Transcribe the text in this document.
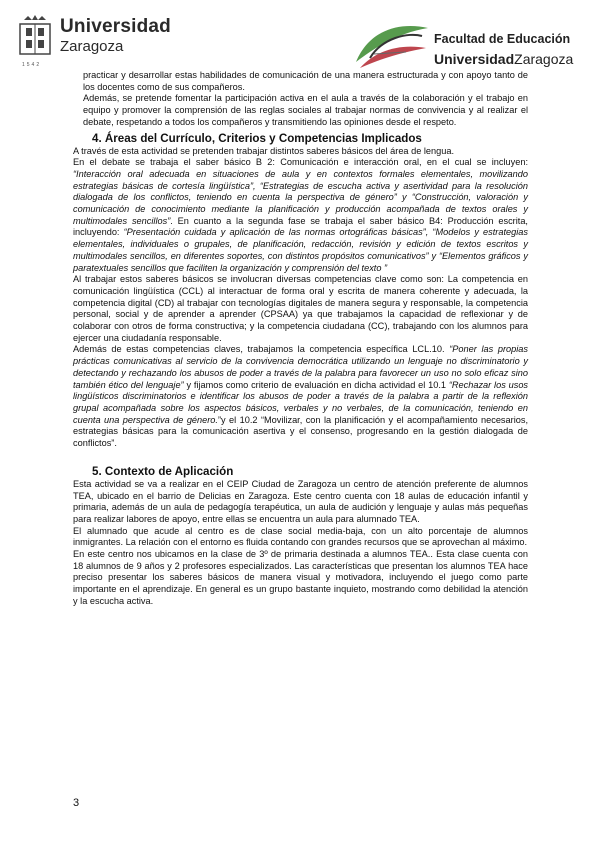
1542
Universidad
Zaragoza	Facultad de Educación
UniversidadZaragoza

practicar y desarrollar estas habilidades de comunicación de una manera estructurada y con apoyo tanto de los docentes como de sus compañeros.

Además, se pretende fomentar la participación activa en el aula a través de la colaboración y el trabajo en equipo y promover la comprensión de las reglas sociales al trabajar normas de convivencia y al realizar el debate, respetando a todos los compañeros y transmitiendo las opiniones desde el respeto.

4. Áreas del Currículo, Criterios y Competencias Implicados

A través de esta actividad se pretenden trabajar distintos saberes básicos del área de lengua.

En el debate se trabaja el saber básico B 2: Comunicación e interacción oral, en el cual se incluyen: “Interacción oral adecuada en situaciones de aula y en contextos formales elementales, movilizando estrategias básicas de cortesía lingüística”, “Estrategias de escucha activa y asertividad para la resolución dialogada de los conflictos, teniendo en cuenta la perspectiva de género” y “Construcción, valoración y comunicación de conocimiento mediante la planificación y producción acompañada de textos orales y multimodales sencillos”. En cuanto a la segunda fase se trabaja el saber básico B4: Producción escrita, incluyendo: “Presentación cuidada y aplicación de las normas ortográficas básicas”, “Modelos y estrategias elementales, individuales o grupales, de planificación, redacción, revisión y edición de textos escritos y multimodales sencillos, en diferentes soportes, con distintos propósitos comunicativos” y “Elementos gráficos y paratextuales sencillos que faciliten la organización y comprensión del texto ”

Al trabajar estos saberes básicos se involucran diversas competencias clave como son: La competencia en comunicación lingüística (CCL) al interactuar de forma oral y escrita de manera coherente y adecuada, la competencia digital (CD) al trabajar con tecnologías digitales de manera segura y responsable, la competencia personal, social y de aprender a aprender (CPSAA) ya que trabajamos la capacidad de reflexionar y de colaborar con otros de forma constructiva; y la competencia ciudadana (CC), trabajando con los alumnos para ejercer una ciudadanía responsable.

Además de estas competencias claves, trabajamos la competencia específica LCL.10. “Poner las propias prácticas comunicativas al servicio de la convivencia democrática utilizando un lenguaje no discriminatorio y detectando y rechazando los abusos de poder a través de la palabra para favorecer un uso no solo eficaz sino también ético del lenguaje” y fijamos como criterio de evaluación en dicha actividad el 10.1 “Rechazar los usos lingüísticos discriminatorios e identificar los abusos de poder a través de la palabra a partir de la reflexión grupal acompañada sobre los aspectos básicos, verbales y no verbales, de la comunicación, teniendo en cuenta una perspectiva de género.”y el 10.2 “Movilizar, con la planificación y el acompañamiento necesarios, estrategias básicas para la comunicación asertiva y el consenso, progresando en la gestión dialogada de conflictos”.

5. Contexto de Aplicación

Esta actividad se va a realizar en el CEIP Ciudad de Zaragoza un centro de atención preferente de alumnos TEA, ubicado en el barrio de Delicias en Zaragoza. Este centro cuenta con 18 aulas de educación infantil y primaria, además de un aula de pedagogía terapéutica, un aula de audición y lenguaje y aulas más pequeñas para realizar labores de apoyo, entre ellas se encuentra un aula para alumnado TEA.

El alumnado que acude al centro es de clase social media-baja, con un alto porcentaje de alumnos inmigrantes. La relación con el entorno es fluida contando con grandes recursos que se aprovechan al máximo.

En este centro nos ubicamos en la clase de 3º de primaria destinada a alumnos TEA.. Esta clase cuenta con 18 alumnos de 9 años y 2 profesores especializados. Las características que presentan los alumnos TEA hace preciso presentar los saberes básicos de manera visual y motivadora, incluyendo el juego como parte importante en el aprendizaje. En general es un grupo bastante inquieto, mostrando como debilidad la atención y la escucha activa.

3
